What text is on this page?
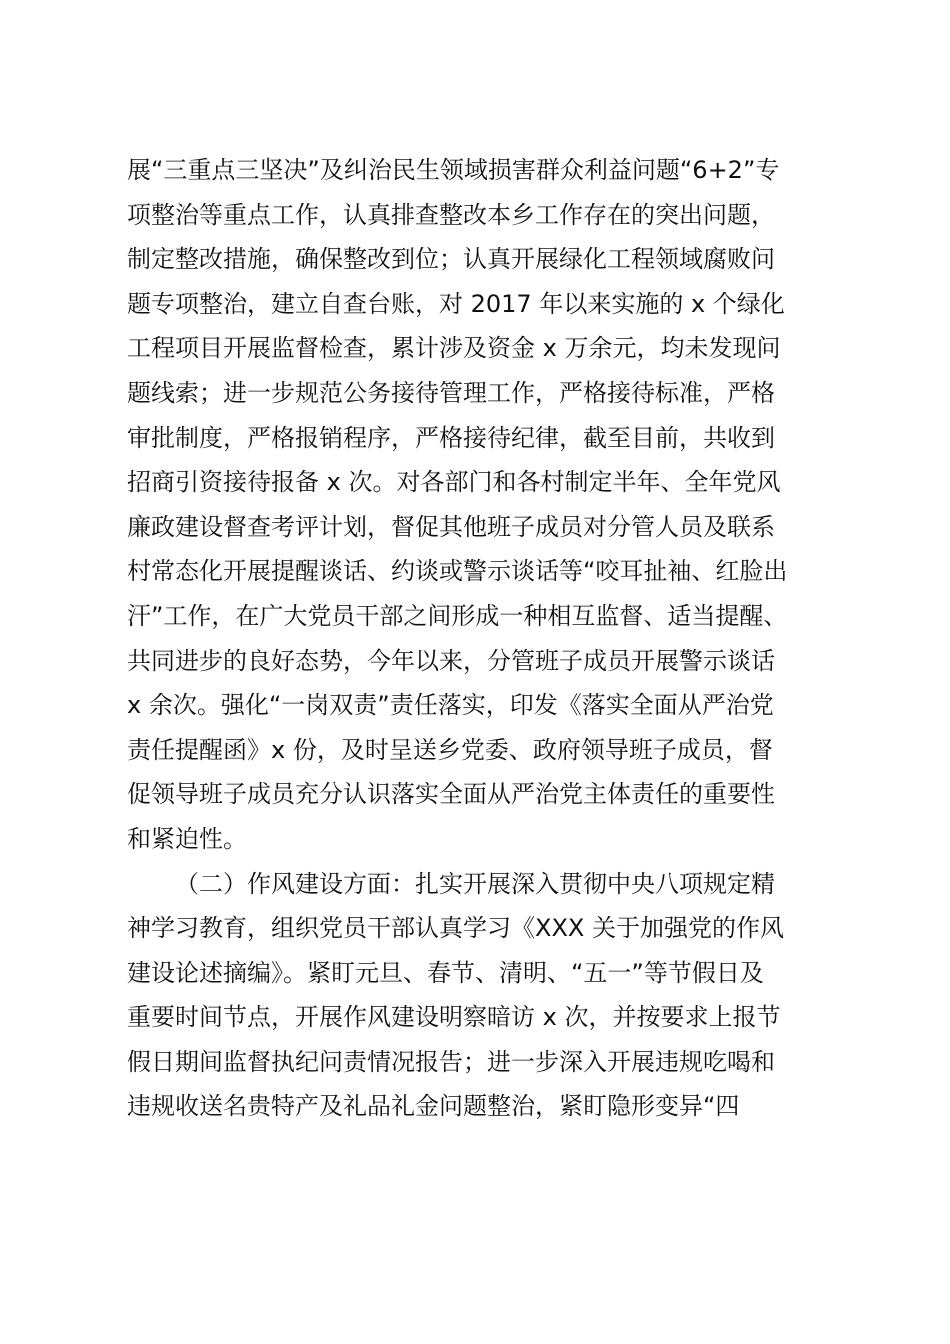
展“三重点三坚决”及纠治民生领域损害群众利益问题“6+2”专
项整治等重点工作，认真排查整改本乡工作存在的突出问题，
制定整改措施，确保整改到位；认真开展绿化工程领域腐败问
题专项整治，建立自查台账，对 2017 年以来实施的 x 个绿化
工程项目开展监督检查，累计涉及资金 x 万余元，均未发现问
题线索；进一步规范公务接待管理工作，严格接待标准，严格
审批制度，严格报销程序，严格接待纪律，截至目前，共收到
招商引资接待报备 x 次。对各部门和各村制定半年、全年党风
廉政建设督查考评计划，督促其他班子成员对分管人员及联系
村常态化开展提醒谈话、约谈或警示谈话等“咬耳扯袖、红脸出
汗”工作，在广大党员干部之间形成一种相互监督、适当提醒、
共同进步的良好态势，今年以来，分管班子成员开展警示谈话
x 余次。强化“一岗双责”责任落实，印发《落实全面从严治党
责任提醒函》x 份，及时呈送乡党委、政府领导班子成员，督
促领导班子成员充分认识落实全面从严治党主体责任的重要性
和紧迫性。
（二）作风建设方面：扎实开展深入贯彻中央八项规定精
神学习教育，组织党员干部认真学习《XXX 关于加强党的作风
建设论述摘编》。紧盯元旦、春节、清明、“五一”等节假日及
重要时间节点，开展作风建设明察暗访 x 次，并按要求上报节
假日期间监督执纪问责情况报告；进一步深入开展违规吃喝和
违规收送名贵特产及礼品礼金问题整治，紧盯隐形变异“四
